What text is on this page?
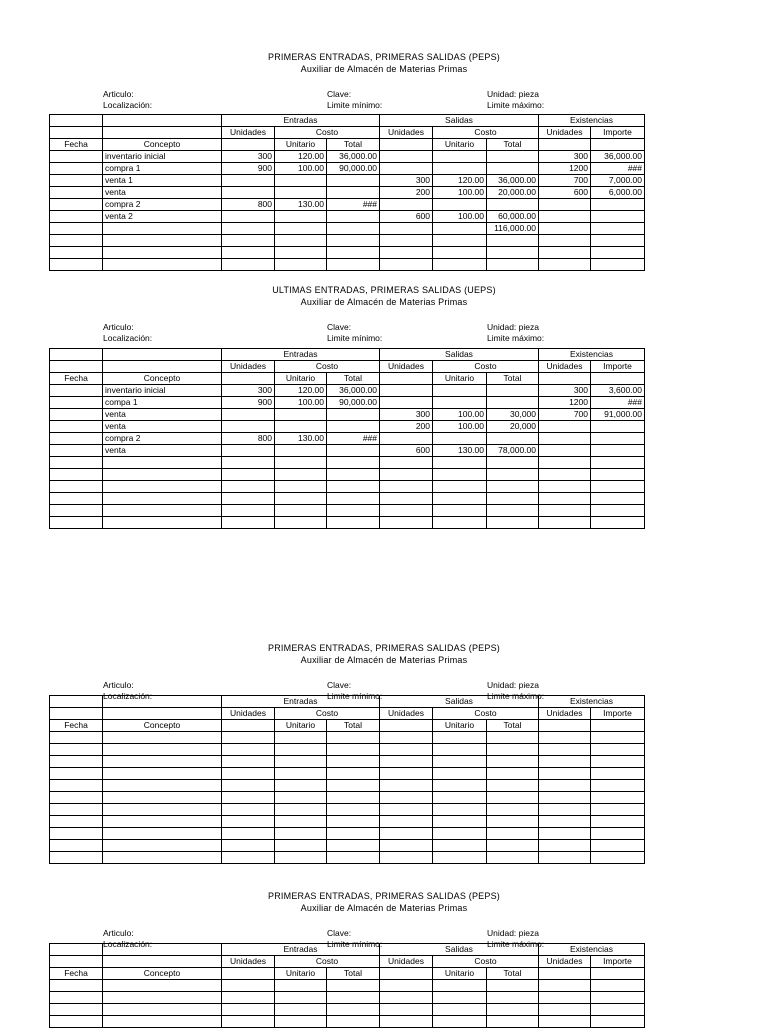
PRIMERAS ENTRADAS, PRIMERAS SALIDAS (PEPS)
Auxiliar de Almacén de Materias Primas
Articulo:	Clave:	Unidad: pieza
Localización:	Limite mínimo:	Limite máximo:
		Entradas			Salidas			Existencias	
		Unidades	Costo		Unidades	Costo		Unidades	Importe
Fecha	Concepto		Unitario	Total		Unitario	Total		
	inventario inicial	300	120.00	36,000.00				300	36,000.00
	compra 1	900	100.00	90,000.00				1200	###
	venta 1				300	120.00	36,000.00	700	7,000.00
	venta				200	100.00	20,000.00	600	6,000.00
	compra 2	800	130.00	###					
	venta 2				600	100.00	60,000.00		
							116,000.00		

ULTIMAS ENTRADAS, PRIMERAS SALIDAS (UEPS)
Auxiliar de Almacén de Materias Primas
Articulo:	Clave:	Unidad: pieza
Localización:	Limite mínimo:	Limite máximo:
		Entradas			Salidas			Existencias	
		Unidades	Costo		Unidades	Costo		Unidades	Importe
Fecha	Concepto		Unitario	Total		Unitario	Total		
	inventario inicial	300	120.00	36,000.00				300	3,600.00
	compa 1	900	100.00	90,000.00				1200	###
	venta				300	100.00	30,000	700	91,000.00
	venta				200	100.00	20,000		
	compra 2	800	130.00	###					
	venta				600	130.00	78,000.00		

PRIMERAS ENTRADAS, PRIMERAS SALIDAS (PEPS)
Auxiliar de Almacén de Materias Primas
Articulo:	Clave:	Unidad: pieza
Localización:	Limite mínimo:	Limite máximo:
		Entradas			Salidas			Existencias	
		Unidades	Costo		Unidades	Costo		Unidades	Importe
Fecha	Concepto		Unitario	Total		Unitario	Total		

PRIMERAS ENTRADAS, PRIMERAS SALIDAS (PEPS)
Auxiliar de Almacén de Materias Primas
Articulo:	Clave:	Unidad: pieza
Localización:	Limite mínimo:	Limite máximo:
		Entradas			Salidas			Existencias	
		Unidades	Costo		Unidades	Costo		Unidades	Importe
Fecha	Concepto		Unitario	Total		Unitario	Total		
